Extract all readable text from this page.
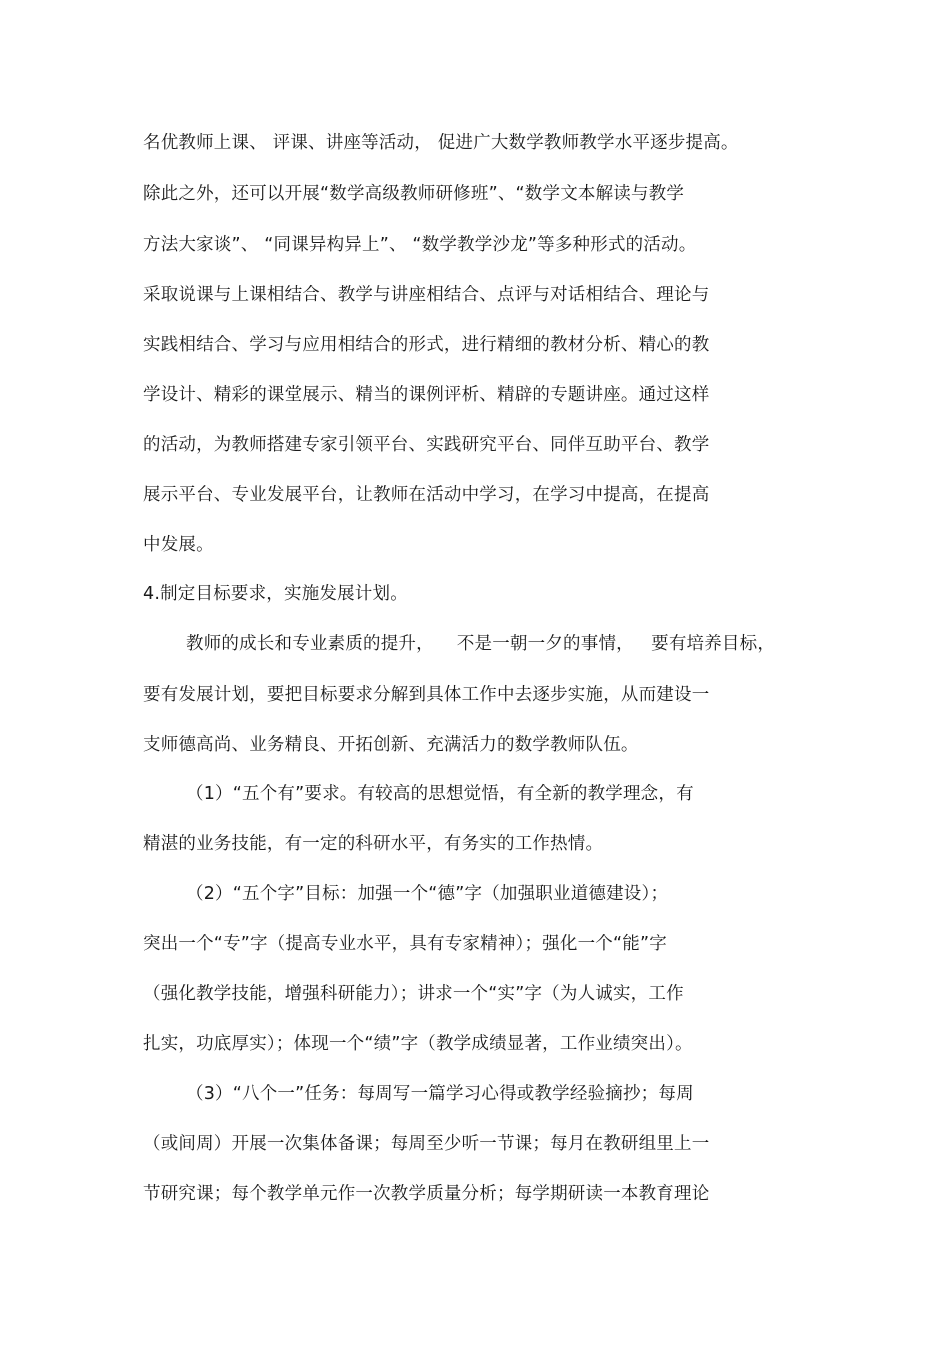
名优教师上课、 评课、讲座等活动， 促进广大数学教师教学水平逐步提高。
除此之外，还可以开展“数学高级教师研修班”、“数学文本解读与教学
方法大家谈”、 “同课异构异上”、 “数学教学沙龙”等多种形式的活动。
采取说课与上课相结合、教学与讲座相结合、点评与对话相结合、理论与
实践相结合、学习与应用相结合的形式，进行精细的教材分析、精心的教
学设计、精彩的课堂展示、精当的课例评析、精辟的专题讲座。通过这样
的活动，为教师搭建专家引领平台、实践研究平台、同伴互助平台、教学
展示平台、专业发展平台，让教师在活动中学习，在学习中提高，在提高
中发展。
4.制定目标要求，实施发展计划。
教师的成长和专业素质的提升，    不是一朝一夕的事情，   要有培养目标，
要有发展计划，要把目标要求分解到具体工作中去逐步实施，从而建设一
支师德高尚、业务精良、开拓创新、充满活力的数学教师队伍。
（1）“五个有”要求。有较高的思想觉悟，有全新的教学理念，有
精湛的业务技能，有一定的科研水平，有务实的工作热情。
（2）“五个字”目标：加强一个“德”字（加强职业道德建设）；
突出一个“专”字（提高专业水平，具有专家精神）；强化一个“能”字
（强化教学技能，增强科研能力）；讲求一个“实”字（为人诚实，工作
扎实，功底厚实）；体现一个“绩”字（教学成绩显著，工作业绩突出）。
（3）“八个一”任务：每周写一篇学习心得或教学经验摘抄；每周
（或间周）开展一次集体备课；每周至少听一节课；每月在教研组里上一
节研究课；每个教学单元作一次教学质量分析；每学期研读一本教育理论
